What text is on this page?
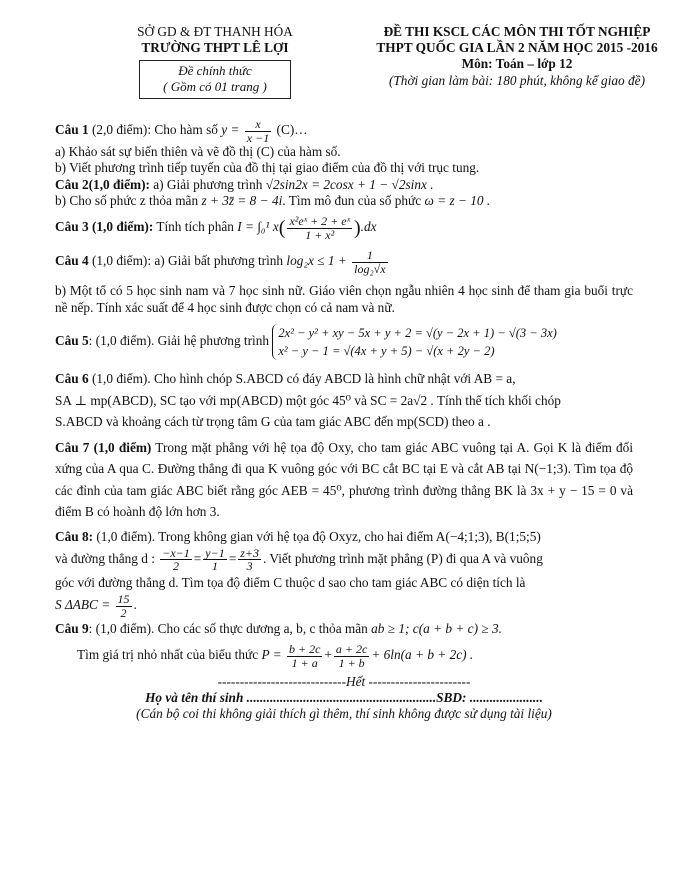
SỞ GD & ĐT THANH HÓA
TRƯỜNG THPT LÊ LỢI
Đề chính thức
( Gồm có 01 trang )
ĐỀ THI KSCL CÁC MÔN THI TỐT NGHIỆP
THPT QUỐC GIA LẦN 2 NĂM HỌC 2015 -2016
Môn: Toán – lớp 12
(Thời gian làm bài: 180 phút, không kể giao đề)

Câu 1 (2,0 điểm): Cho hàm số $y = \frac{x}{x -1}$ (C)…

a) Khảo sát sự biến thiên và vẽ đồ thị (C) của hàm số.

b) Viết phương trình tiếp tuyến của đồ thị tại giao điểm của đồ thị với trục tung.

Câu 2(1,0 điểm): a) Giải phương trình √2sin2x = 2cosx + 1 − √2sinx .

b) Cho số phức z thỏa mãn z + 3z̄ = 8 − 4i. Tìm mô đun của số phức ω = z − 10 .

Câu 3 (1,0 điểm): Tính tích phân I = ∫₀¹ $x( \frac{\text{x²eˣ + 2 + eˣ}}{\text{1 + x²}} ).dx$

Câu 4 (1,0 điểm): a) Giải bất phương trình $\log_2x \le 1 + \frac{1}{\text{log₂√x}}$

b) Một tổ có 5 học sinh nam và 7 học sinh nữ. Giáo viên chọn ngẫu nhiên 4 học sinh để tham gia buổi trực nề nếp. Tính xác suất để 4 học sinh được chọn có cả nam và nữ.

Câu 5: (1,0 điểm). Giải hệ phương trình
2x² − y² + xy − 5x + y + 2 = √(y − 2x + 1) − √(3 − 3x)
x² − y − 1 = √(4x + y + 5) − √(x + 2y − 2)

Câu 6 (1,0 điểm). Cho hình chóp S.ABCD có đáy ABCD là hình chữ nhật với AB = a,

SA ⊥ mp(ABCD), SC tạo với mp(ABCD) một góc 45⁰ và SC = 2a√2 . Tính thể tích khối chóp

S.ABCD và khoảng cách từ trọng tâm G của tam giác ABC đến mp(SCD) theo a .

Câu 7 (1,0 điểm) Trong mặt phẳng với hệ tọa độ Oxy, cho tam giác ABC vuông tại A. Gọi K là điểm đối xứng của A qua C. Đường thẳng đi qua K vuông góc với BC cắt BC tại E và cắt AB tại N(−1;3). Tìm tọa độ các đỉnh của tam giác ABC biết rằng góc AEB = 45⁰, phương trình đường thẳng BK là 3x + y − 15 = 0 và điểm B có hoành độ lớn hơn 3.

Câu 8: (1,0 điểm). Trong không gian với hệ tọa độ Oxyz, cho hai điểm A(−4;1;3), B(1;5;5)

và đường thẳng d : $\frac{-x-1}{2} = \frac{y-1}{1} = \frac{z+3}{3}$ . Viết phương trình mặt phẳng (P) đi qua A và vuông

góc với đường thẳng d. Tìm tọa độ điểm C thuộc d sao cho tam giác ABC có diện tích là

S $\Delta ABC = \frac{15}{2}$ .

Câu 9: (1,0 điểm). Cho các số thực dương a, b, c thỏa mãn ab ≥ 1; c(a + b + c) ≥ 3.

Tìm giá trị nhỏ nhất của biểu thức $P = \frac{b + 2c}{1 + a} + \frac{a + 2c}{1 + b} + 6\ln(a + b + 2c)$ .

-----------------------------Hết -----------------------

Họ và tên thí sinh .........................................................SBD: ......................

(Cán bộ coi thi không giải thích gì thêm, thí sinh không được sử dụng tài liệu)
